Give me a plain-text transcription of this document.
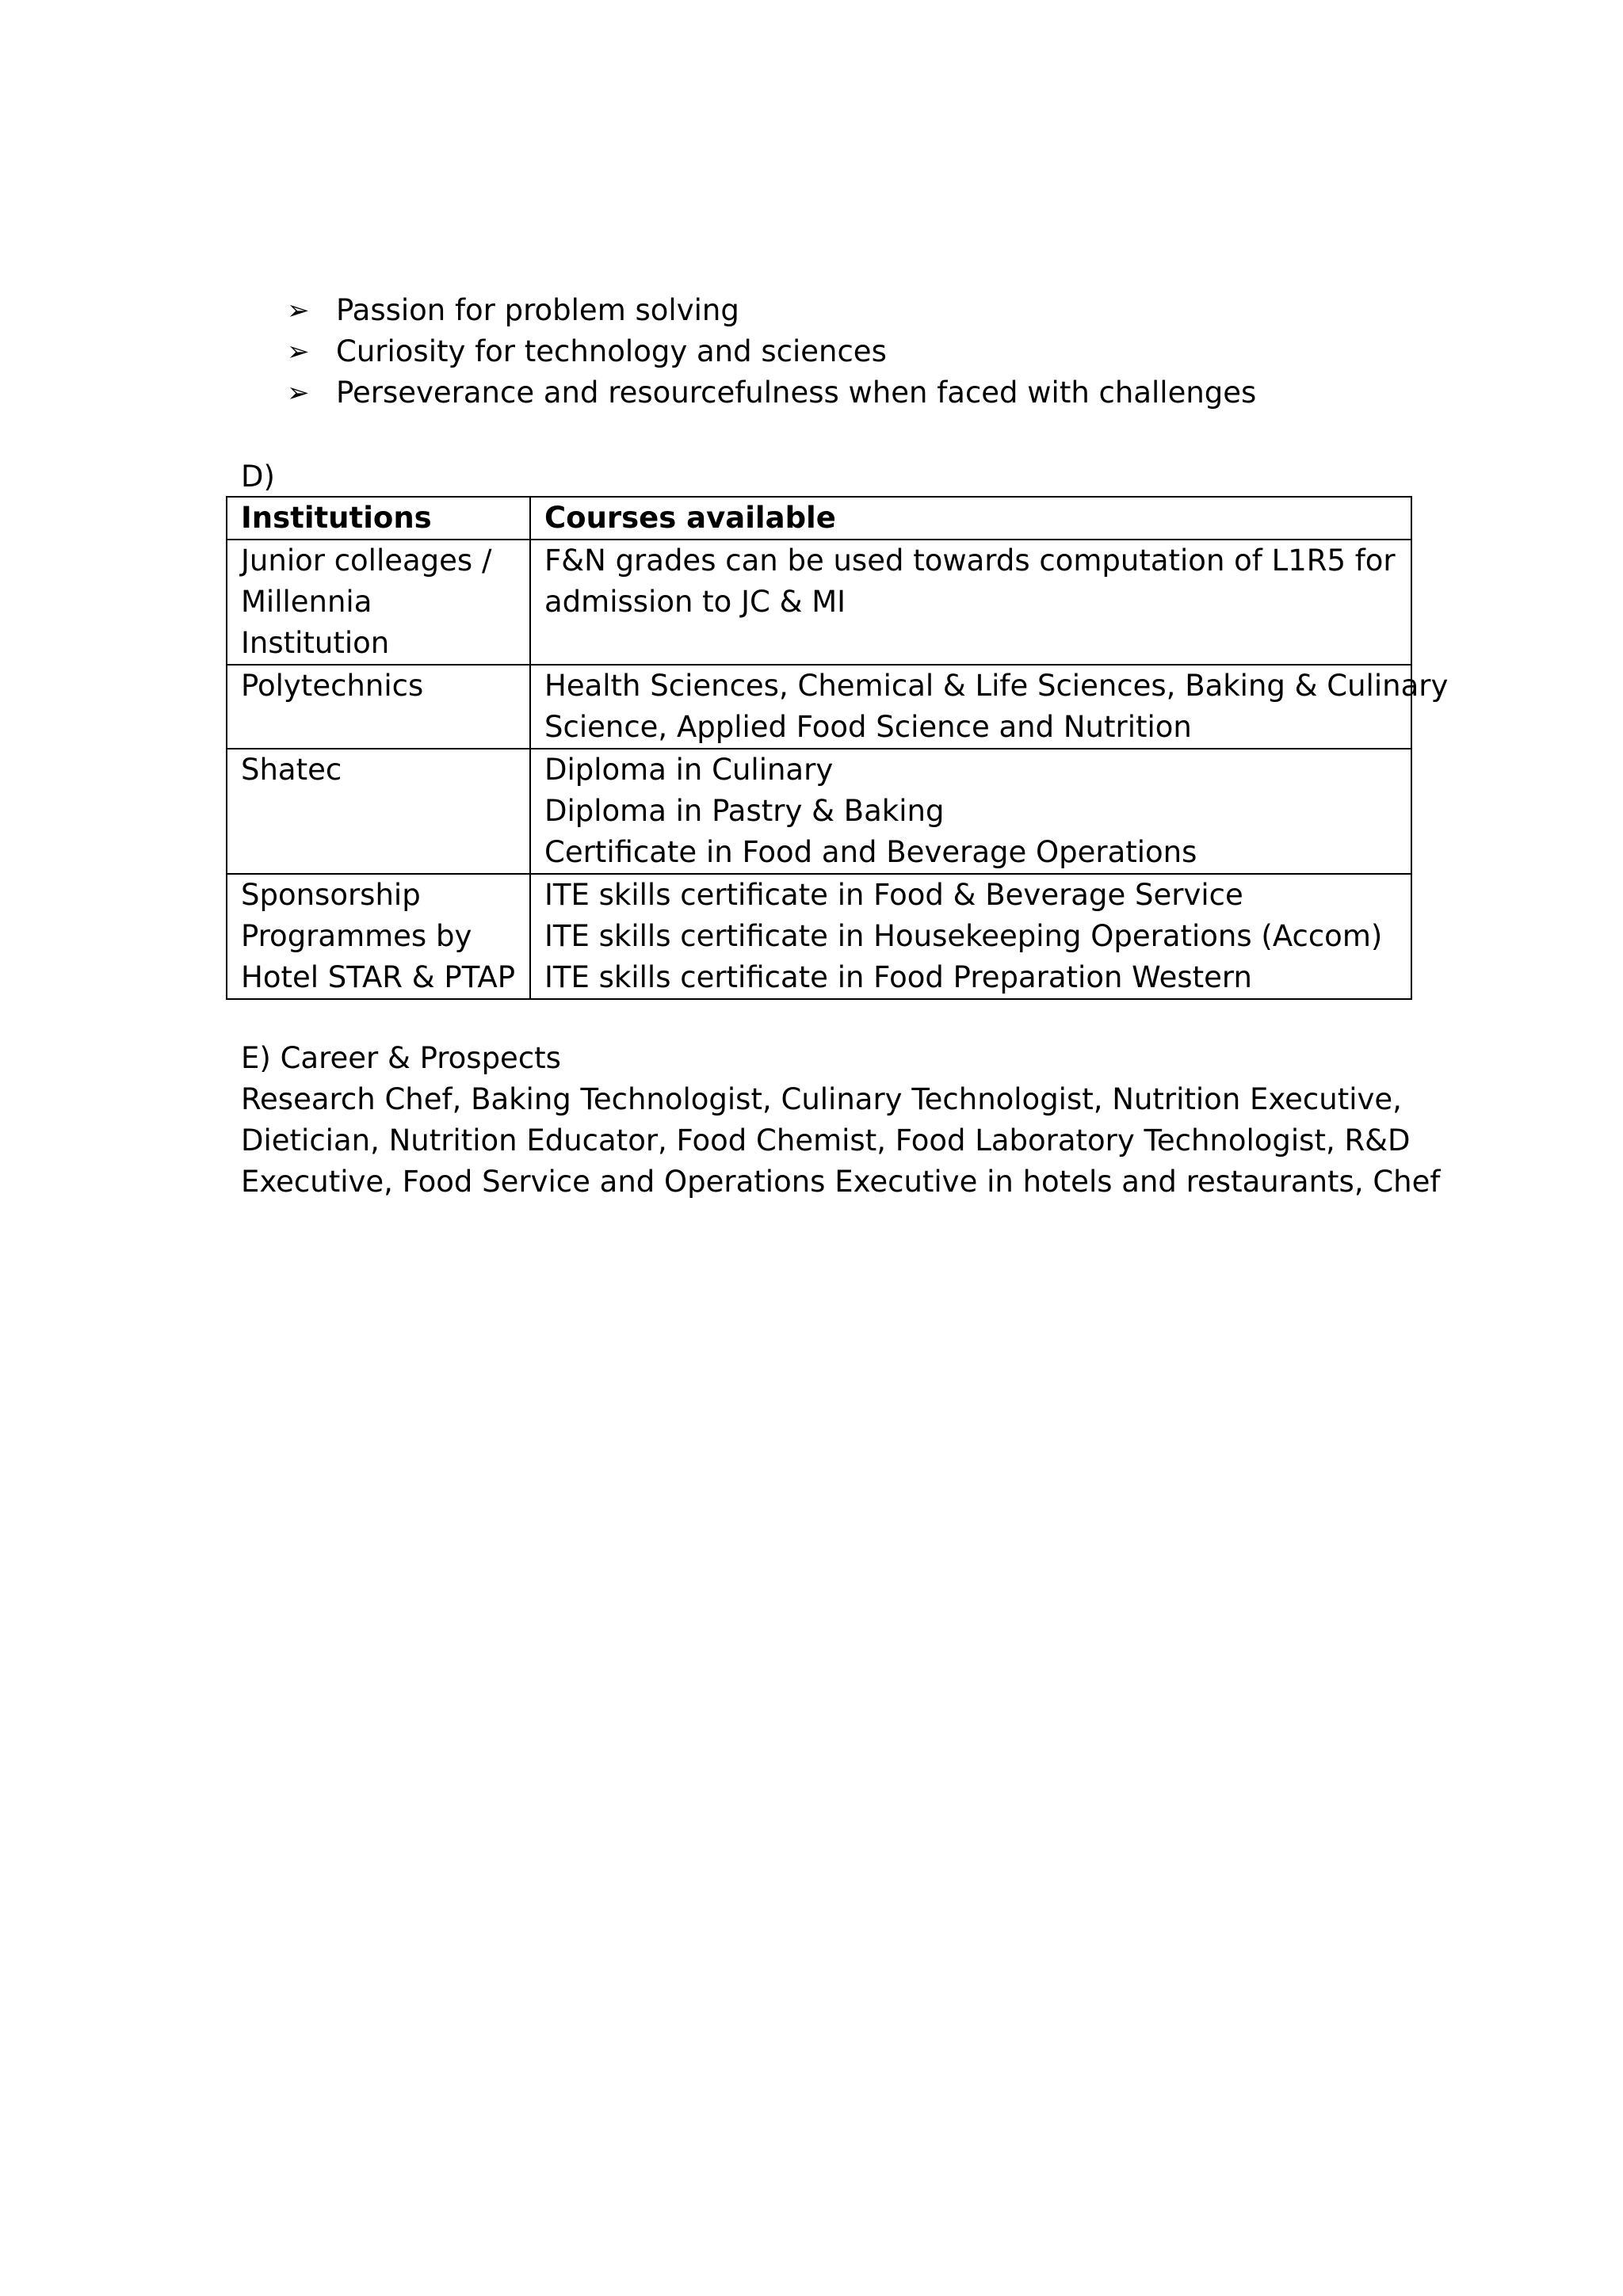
➢ Passion for problem solving
➢ Curiosity for technology and sciences
➢ Perseverance and resourcefulness when faced with challenges
D)
Institutions	Courses available

Junior colleages /
Millennia
Institution	F&N grades can be used towards computation of L1R5 for
admission to JC & MI

Polytechnics	Health Sciences, Chemical & Life Sciences, Baking & Culinary
Science, Applied Food Science and Nutrition

Shatec	Diploma in Culinary
Diploma in Pastry & Baking
Certificate in Food and Beverage Operations

Sponsorship
Programmes by
Hotel STAR & PTAP	ITE skills certificate in Food & Beverage Service
ITE skills certificate in Housekeeping Operations (Accom)
ITE skills certificate in Food Preparation Western
E) Career & Prospects
Research Chef, Baking Technologist, Culinary Technologist, Nutrition Executive,
Dietician, Nutrition Educator, Food Chemist, Food Laboratory Technologist, R&D
Executive, Food Service and Operations Executive in hotels and restaurants, Chef
